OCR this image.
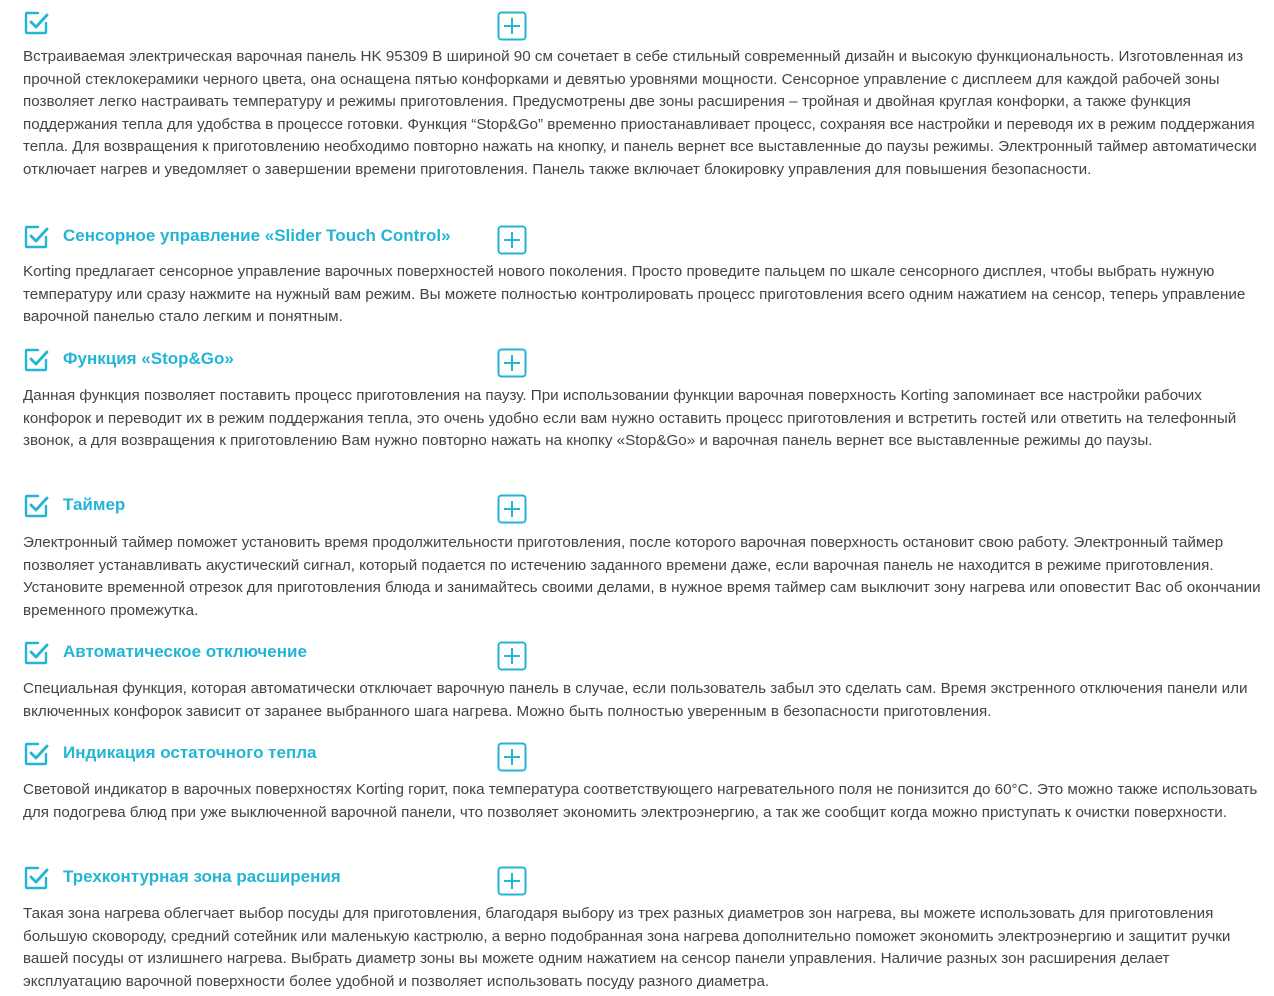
Встраиваемая электрическая варочная панель HK 95309 B шириной 90 см сочетает в себе стильный современный дизайн и высокую функциональность. Изготовленная из прочной стеклокерамики черного цвета, она оснащена пятью конфорками и девятью уровнями мощности. Сенсорное управление с дисплеем для каждой рабочей зоны позволяет легко настраивать температуру и режимы приготовления. Предусмотрены две зоны расширения – тройная и двойная круглая конфорки, а также функция поддержания тепла для удобства в процессе готовки. Функция “Stop&Go” временно приостанавливает процесс, сохраняя все настройки и переводя их в режим поддержания тепла. Для возвращения к приготовлению необходимо повторно нажать на кнопку, и панель вернет все выставленные до паузы режимы. Электронный таймер автоматически отключает нагрев и уведомляет о завершении времени приготовления. Панель также включает блокировку управления для повышения безопасности.

Сенсорное управление «Slider Touch Control»

Korting предлагает сенсорное управление варочных поверхностей нового поколения. Просто проведите пальцем по шкале сенсорного дисплея, чтобы выбрать нужную температуру или сразу нажмите на нужный вам режим. Вы можете полностью контролировать процесс приготовления всего одним нажатием на сенсор, теперь управление варочной панелью стало легким и понятным.

Функция «Stop&Go»

Данная функция позволяет поставить процесс приготовления на паузу. При использовании функции варочная поверхность Korting запоминает все настройки рабочих конфорок и переводит их в режим поддержания тепла, это очень удобно если вам нужно оставить процесс приготовления и встретить гостей или ответить на телефонный звонок, а для возвращения к приготовлению Вам нужно повторно нажать на кнопку «Stop&Go» и варочная панель вернет все выставленные режимы до паузы.

Таймер

Электронный таймер поможет установить время продолжительности приготовления, после которого варочная поверхность остановит свою работу. Электронный таймер позволяет устанавливать акустический сигнал, который подается по истечению заданного времени даже, если варочная панель не находится в режиме приготовления. Установите временной отрезок для приготовления блюда и занимайтесь своими делами, в нужное время таймер сам выключит зону нагрева или оповестит Вас об окончании временного промежутка.

Автоматическое отключение

Специальная функция, которая автоматически отключает варочную панель в случае, если пользователь забыл это сделать сам. Время экстренного отключения панели или включенных конфорок зависит от заранее выбранного шага нагрева. Можно быть полностью уверенным в безопасности приготовления.

Индикация остаточного тепла

Световой индикатор в варочных поверхностях Korting горит, пока температура соответствующего нагревательного поля не понизится до 60°C. Это можно также использовать для подогрева блюд при уже выключенной варочной панели, что позволяет экономить электроэнергию, а так же сообщит когда можно приступать к очистки поверхности.

Трехконтурная зона расширения

Такая зона нагрева облегчает выбор посуды для приготовления, благодаря выбору из трех разных диаметров зон нагрева, вы можете использовать для приготовления большую сковороду, средний сотейник или маленькую кастрюлю, а верно подобранная зона нагрева дополнительно поможет экономить электроэнергию и защитит ручки вашей посуды от излишнего нагрева. Выбрать диаметр зоны вы можете одним нажатием на сенсор панели управления. Наличие разных зон расширения делает эксплуатацию варочной поверхности более удобной и позволяет использовать посуду разного диаметра.
